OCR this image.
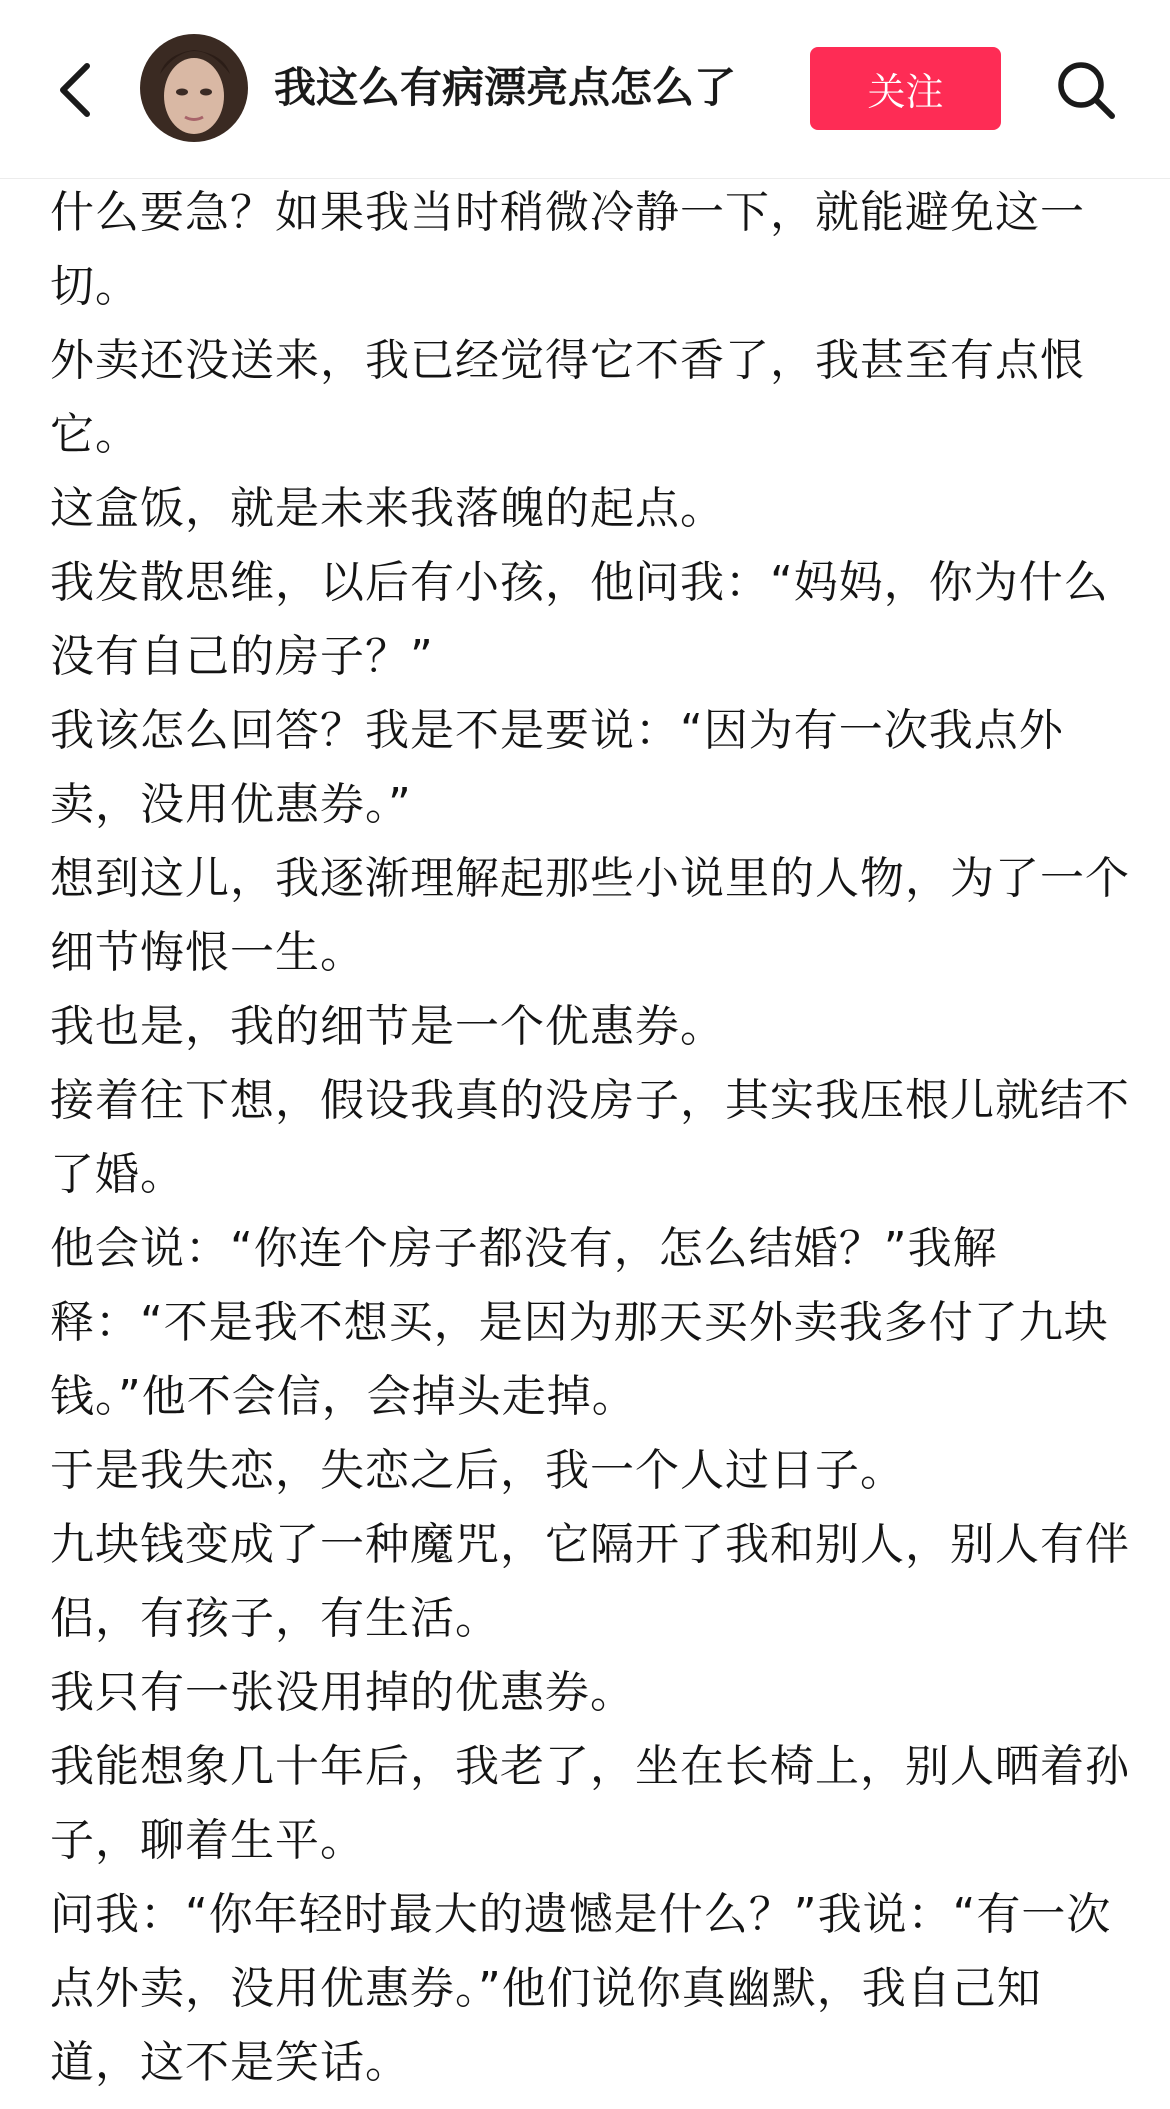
我这么有病漂亮点怎么了	关注

什么要急？如果我当时稍微冷静一下，就能避免这一切。

外卖还没送来，我已经觉得它不香了，我甚至有点恨它。

这盒饭，就是未来我落魄的起点。

我发散思维，以后有小孩，他问我：“妈妈，你为什么没有自己的房子？”

我该怎么回答？我是不是要说：“因为有一次我点外卖，没用优惠券。”

想到这儿，我逐渐理解起那些小说里的人物，为了一个细节悔恨一生。

我也是，我的细节是一个优惠券。

接着往下想，假设我真的没房子，其实我压根儿就结不了婚。

他会说：“你连个房子都没有，怎么结婚？”我解释：“不是我不想买，是因为那天买外卖我多付了九块钱。”他不会信，会掉头走掉。

于是我失恋，失恋之后，我一个人过日子。

九块钱变成了一种魔咒，它隔开了我和别人，别人有伴侣，有孩子，有生活。

我只有一张没用掉的优惠券。

我能想象几十年后，我老了，坐在长椅上，别人晒着孙子，聊着生平。

问我：“你年轻时最大的遗憾是什么？”我说：“有一次点外卖，没用优惠券。”他们说你真幽默，我自己知道，这不是笑话。
